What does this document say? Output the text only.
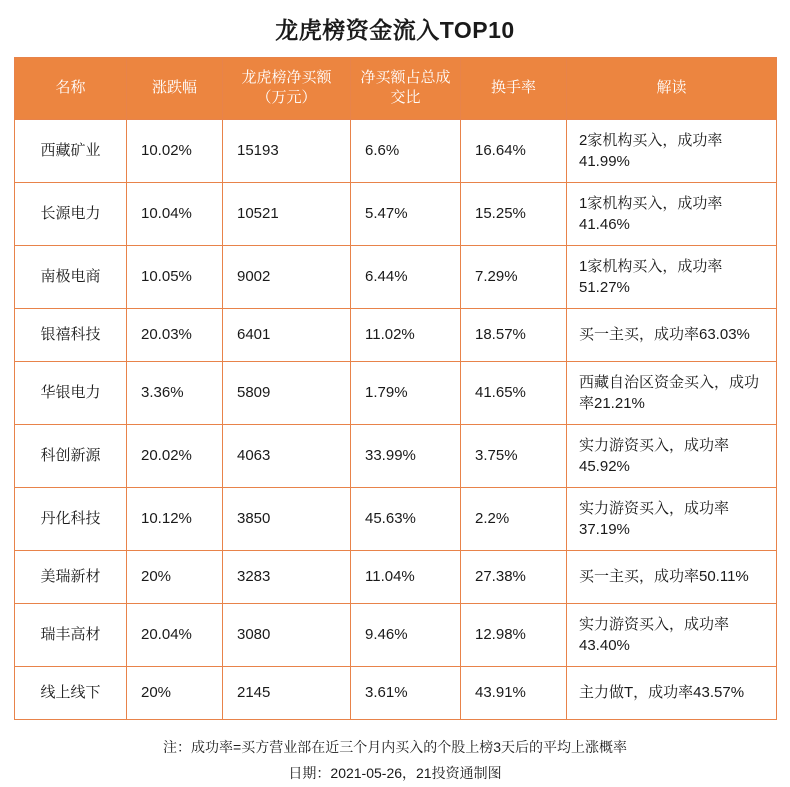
龙虎榜资金流入TOP10
名称	涨跌幅	龙虎榜净买额（万元）	净买额占总成交比	换手率	解读
西藏矿业	10.02%	15193	6.6%	16.64%	2家机构买入，成功率41.99%
长源电力	10.04%	10521	5.47%	15.25%	1家机构买入，成功率41.46%
南极电商	10.05%	9002	6.44%	7.29%	1家机构买入，成功率51.27%
银禧科技	20.03%	6401	11.02%	18.57%	买一主买，成功率63.03%
华银电力	3.36%	5809	1.79%	41.65%	西藏自治区资金买入，成功率21.21%
科创新源	20.02%	4063	33.99%	3.75%	实力游资买入，成功率45.92%
丹化科技	10.12%	3850	45.63%	2.2%	实力游资买入，成功率37.19%
美瑞新材	20%	3283	11.04%	27.38%	买一主买，成功率50.11%
瑞丰高材	20.04%	3080	9.46%	12.98%	实力游资买入，成功率43.40%
线上线下	20%	2145	3.61%	43.91%	主力做T，成功率43.57%
注：成功率=买方营业部在近三个月内买入的个股上榜3天后的平均上涨概率
日期：2021-05-26，21投资通制图
